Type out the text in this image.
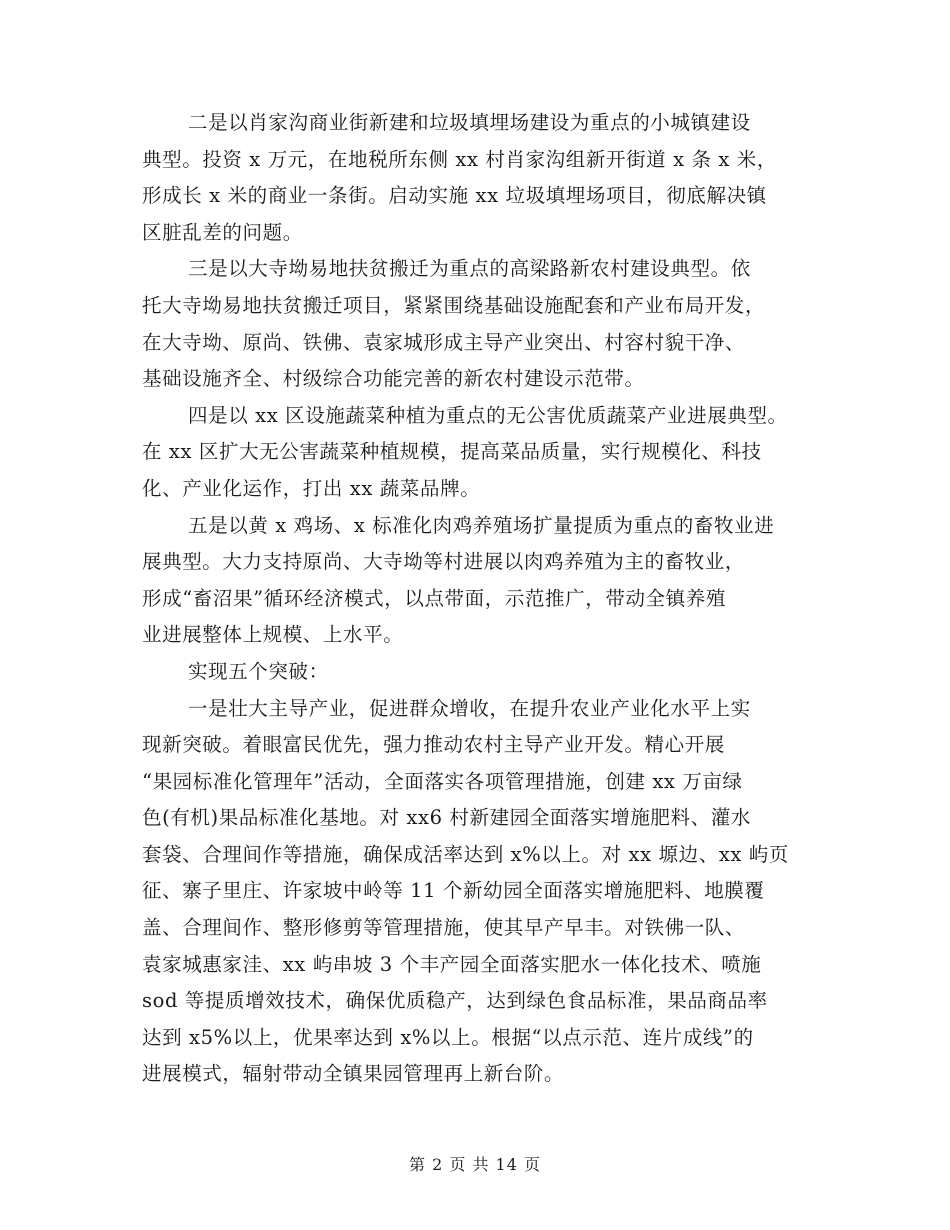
二是以肖家沟商业街新建和垃圾填埋场建设为重点的小城镇建设
典型。投资 x 万元，在地税所东侧 xx 村肖家沟组新开街道 x 条 x 米，
形成长 x 米的商业一条街。启动实施 xx 垃圾填埋场项目，彻底解决镇
区脏乱差的问题。

三是以大寺坳易地扶贫搬迁为重点的高梁路新农村建设典型。依
托大寺坳易地扶贫搬迁项目，紧紧围绕基础设施配套和产业布局开发，
在大寺坳、原尚、铁佛、袁家城形成主导产业突出、村容村貌干净、
基础设施齐全、村级综合功能完善的新农村建设示范带。

四是以 xx 区设施蔬菜种植为重点的无公害优质蔬菜产业进展典型。
在 xx 区扩大无公害蔬菜种植规模，提高菜品质量，实行规模化、科技
化、产业化运作，打出 xx 蔬菜品牌。

五是以黄 x 鸡场、x 标准化肉鸡养殖场扩量提质为重点的畜牧业进
展典型。大力支持原尚、大寺坳等村进展以肉鸡养殖为主的畜牧业，
形成“畜沼果”循环经济模式，以点带面，示范推广，带动全镇养殖
业进展整体上规模、上水平。

实现五个突破：

一是壮大主导产业，促进群众增收，在提升农业产业化水平上实
现新突破。着眼富民优先，强力推动农村主导产业开发。精心开展
“果园标准化管理年”活动，全面落实各项管理措施，创建 xx 万亩绿
色(有机)果品标准化基地。对 xx6 村新建园全面落实增施肥料、灌水
套袋、合理间作等措施，确保成活率达到 x%以上。对 xx 塬边、xx 屿页
征、寨子里庄、许家坡中岭等 11 个新幼园全面落实增施肥料、地膜覆
盖、合理间作、整形修剪等管理措施，使其早产早丰。对铁佛一队、
袁家城惠家洼、xx 屿串坡 3 个丰产园全面落实肥水一体化技术、喷施
sod 等提质增效技术，确保优质稳产，达到绿色食品标准，果品商品率
达到 x5%以上，优果率达到 x%以上。根据“以点示范、连片成线”的
进展模式，辐射带动全镇果园管理再上新台阶。

第 2 页 共 14 页
